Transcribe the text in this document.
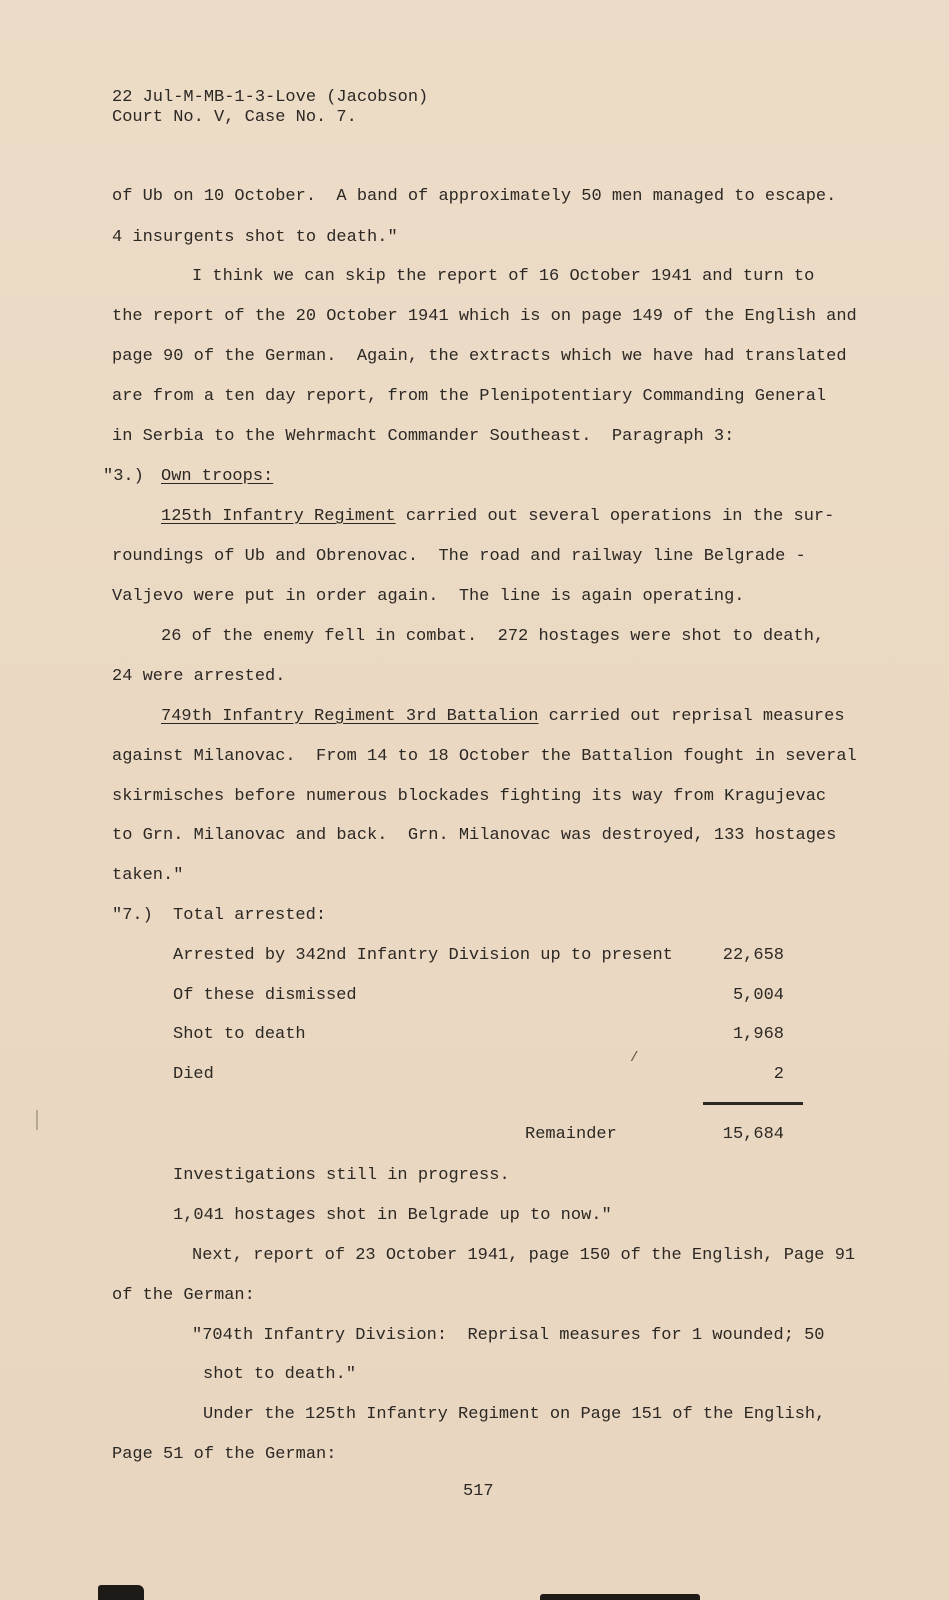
22 Jul-M-MB-1-3-Love (Jacobson)
Court No. V, Case No. 7.
of Ub on 10 October.  A band of approximately 50 men managed to escape.
4 insurgents shot to death."
I think we can skip the report of 16 October 1941 and turn to
the report of the 20 October 1941 which is on page 149 of the English and
page 90 of the German.  Again, the extracts which we have had translated
are from a ten day report, from the Plenipotentiary Commanding General
in Serbia to the Wehrmacht Commander Southeast.  Paragraph 3:
"3.) Own troops:
125th Infantry Regiment carried out several operations in the sur-
roundings of Ub and Obrenovac.  The road and railway line Belgrade -
Valjevo were put in order again.  The line is again operating.
26 of the enemy fell in combat.  272 hostages were shot to death,
24 were arrested.
749th Infantry Regiment 3rd Battalion carried out reprisal measures
against Milanovac.  From 14 to 18 October the Battalion fought in several
skirmisches before numerous blockades fighting its way from Kragujevac
to Grn. Milanovac and back.  Grn. Milanovac was destroyed, 133 hostages
taken."
"7.) Total arrested:
Arrested by 342nd Infantry Division up to present	22,658
Of these dismissed	5,004
Shot to death	1,968
Died	2
/
Remainder	15,684
Investigations still in progress.
1,041 hostages shot in Belgrade up to now."
Next, report of 23 October 1941, page 150 of the English, Page 91
of the German:
"704th Infantry Division:  Reprisal measures for 1 wounded; 50
shot to death."
Under the 125th Infantry Regiment on Page 151 of the English,
Page 51 of the German:
517
